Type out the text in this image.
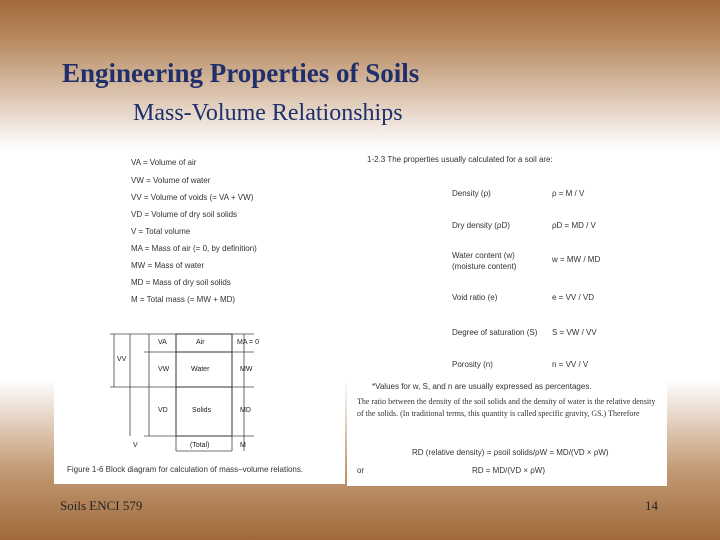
Engineering Properties of Soils
Mass-Volume Relationships
VA = Volume of air
VW = Volume of water
VV = Volume of voids (= VA + VW)
VD = Volume of dry soil solids
V = Total volume
MA = Mass of air (= 0, by definition)
MW = Mass of water
MD = Mass of dry soil solids
M = Total mass (= MW + MD)
Air
Water
Solids
(Total)
VA
VW
VV
VD
V
MA = 0
MW
MD
M
Figure 1-6 Block diagram for calculation of mass–volume relations.
1-2.3 The properties usually calculated for a soil are:
Density (ρ)	ρ = M / V
Dry density (ρD)	ρD = MD / V
Water content (w)
(moisture content)
w = MW / MD
Void ratio (e)	e = VV / VD
Degree of saturation (S) S = VW / VV
Porosity (n)	n = VV / V
*Values for w, S, and n are usually expressed as percentages.
The ratio between the density of the soil solids and the density of water is the relative density of the solids. (In traditional terms, this quantity is called specific gravity, GS.) Therefore
RD (relative density) = ρsoil solids/ρW = MD/(VD × ρW)
or	RD = MD/(VD × ρW)
Soils ENCI 579	14
